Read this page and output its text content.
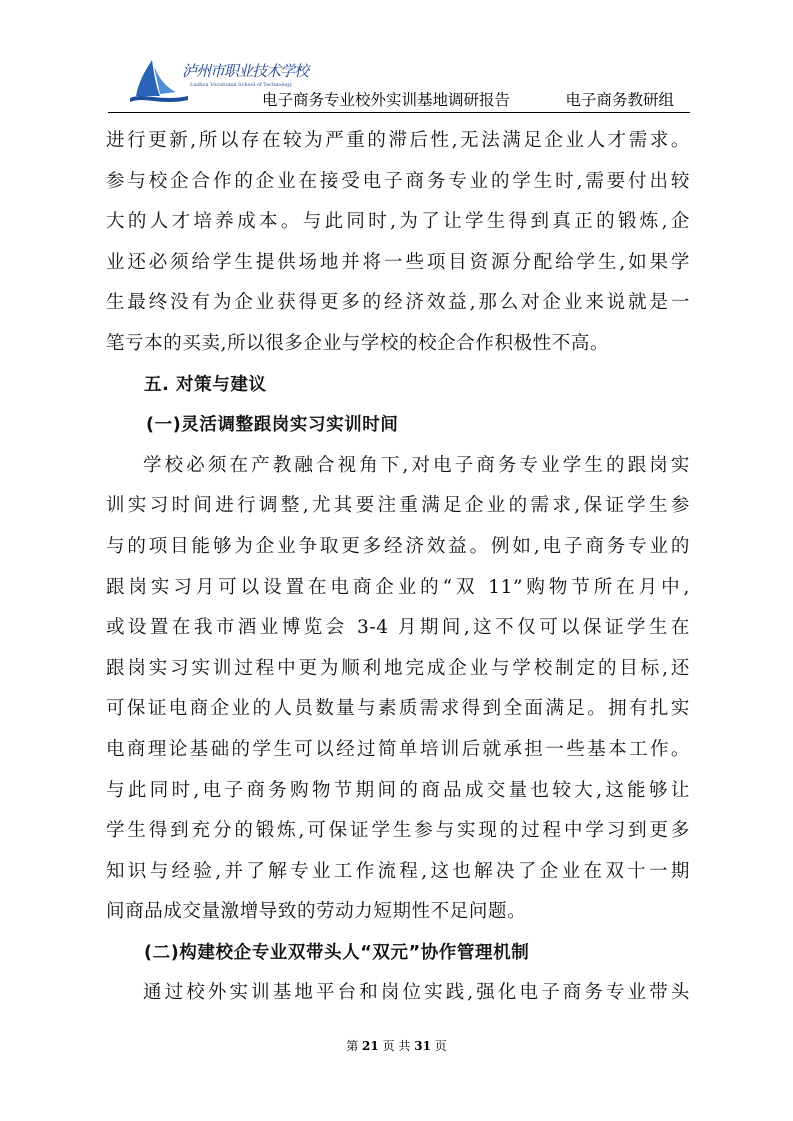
泸州市职业技术学校
Luzhou Vocational School of Technology
电子商务专业校外实训基地调研报告	电子商务教研组

进行更新,所以存在较为严重的滞后性,无法满足企业人才需求。

参与校企合作的企业在接受电子商务专业的学生时,需要付出较

大的人才培养成本。与此同时,为了让学生得到真正的锻炼,企

业还必须给学生提供场地并将一些项目资源分配给学生,如果学

生最终没有为企业获得更多的经济效益,那么对企业来说就是一

笔亏本的买卖,所以很多企业与学校的校企合作积极性不高。

五. 对策与建议

(一)灵活调整跟岗实习实训时间

学校必须在产教融合视角下,对电子商务专业学生的跟岗实

训实习时间进行调整,尤其要注重满足企业的需求,保证学生参

与的项目能够为企业争取更多经济效益。例如,电子商务专业的

跟岗实习月可以设置在电商企业的“双 11”购物节所在月中,

或设置在我市酒业博览会 3-4 月期间,这不仅可以保证学生在

跟岗实习实训过程中更为顺利地完成企业与学校制定的目标,还

可保证电商企业的人员数量与素质需求得到全面满足。拥有扎实

电商理论基础的学生可以经过简单培训后就承担一些基本工作。

与此同时,电子商务购物节期间的商品成交量也较大,这能够让

学生得到充分的锻炼,可保证学生参与实现的过程中学习到更多

知识与经验,并了解专业工作流程,这也解决了企业在双十一期

间商品成交量激增导致的劳动力短期性不足问题。

(二)构建校企专业双带头人“双元”协作管理机制

通过校外实训基地平台和岗位实践,强化电子商务专业带头

第 21 页 共 31 页
